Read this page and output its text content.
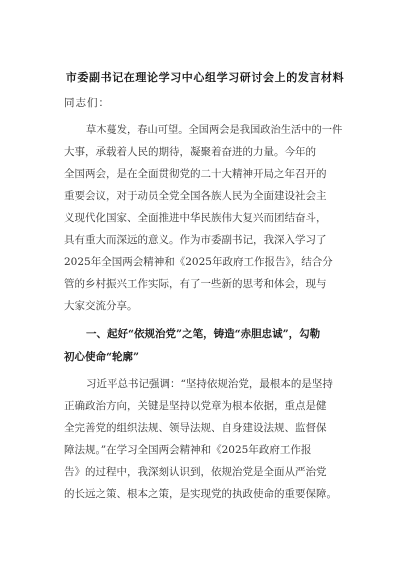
市委副书记在理论学习中心组学习研讨会上的发言材料
同志们：
草木蔓发，春山可望。全国两会是我国政治生活中的一件
大事，承载着人民的期待，凝聚着奋进的力量。今年的
全国两会，是在全面贯彻党的二十大精神开局之年召开的
重要会议，对于动员全党全国各族人民为全面建设社会主
义现代化国家、全面推进中华民族伟大复兴而团结奋斗，
具有重大而深远的意义。作为市委副书记，我深入学习了
2025年全国两会精神和《2025年政府工作报告》，结合分
管的乡村振兴工作实际，有了一些新的思考和体会，现与
大家交流分享。
一、起好“依规治党”之笔，铸造“赤胆忠诚”，勾勒
初心使命“轮廓”
习近平总书记强调：“坚持依规治党，最根本的是坚持
正确政治方向，关键是坚持以党章为根本依据，重点是健
全完善党的组织法规、领导法规、自身建设法规、监督保
障法规。”在学习全国两会精神和《2025年政府工作报
告》的过程中，我深刻认识到，依规治党是全面从严治党
的长远之策、根本之策，是实现党的执政使命的重要保障。
